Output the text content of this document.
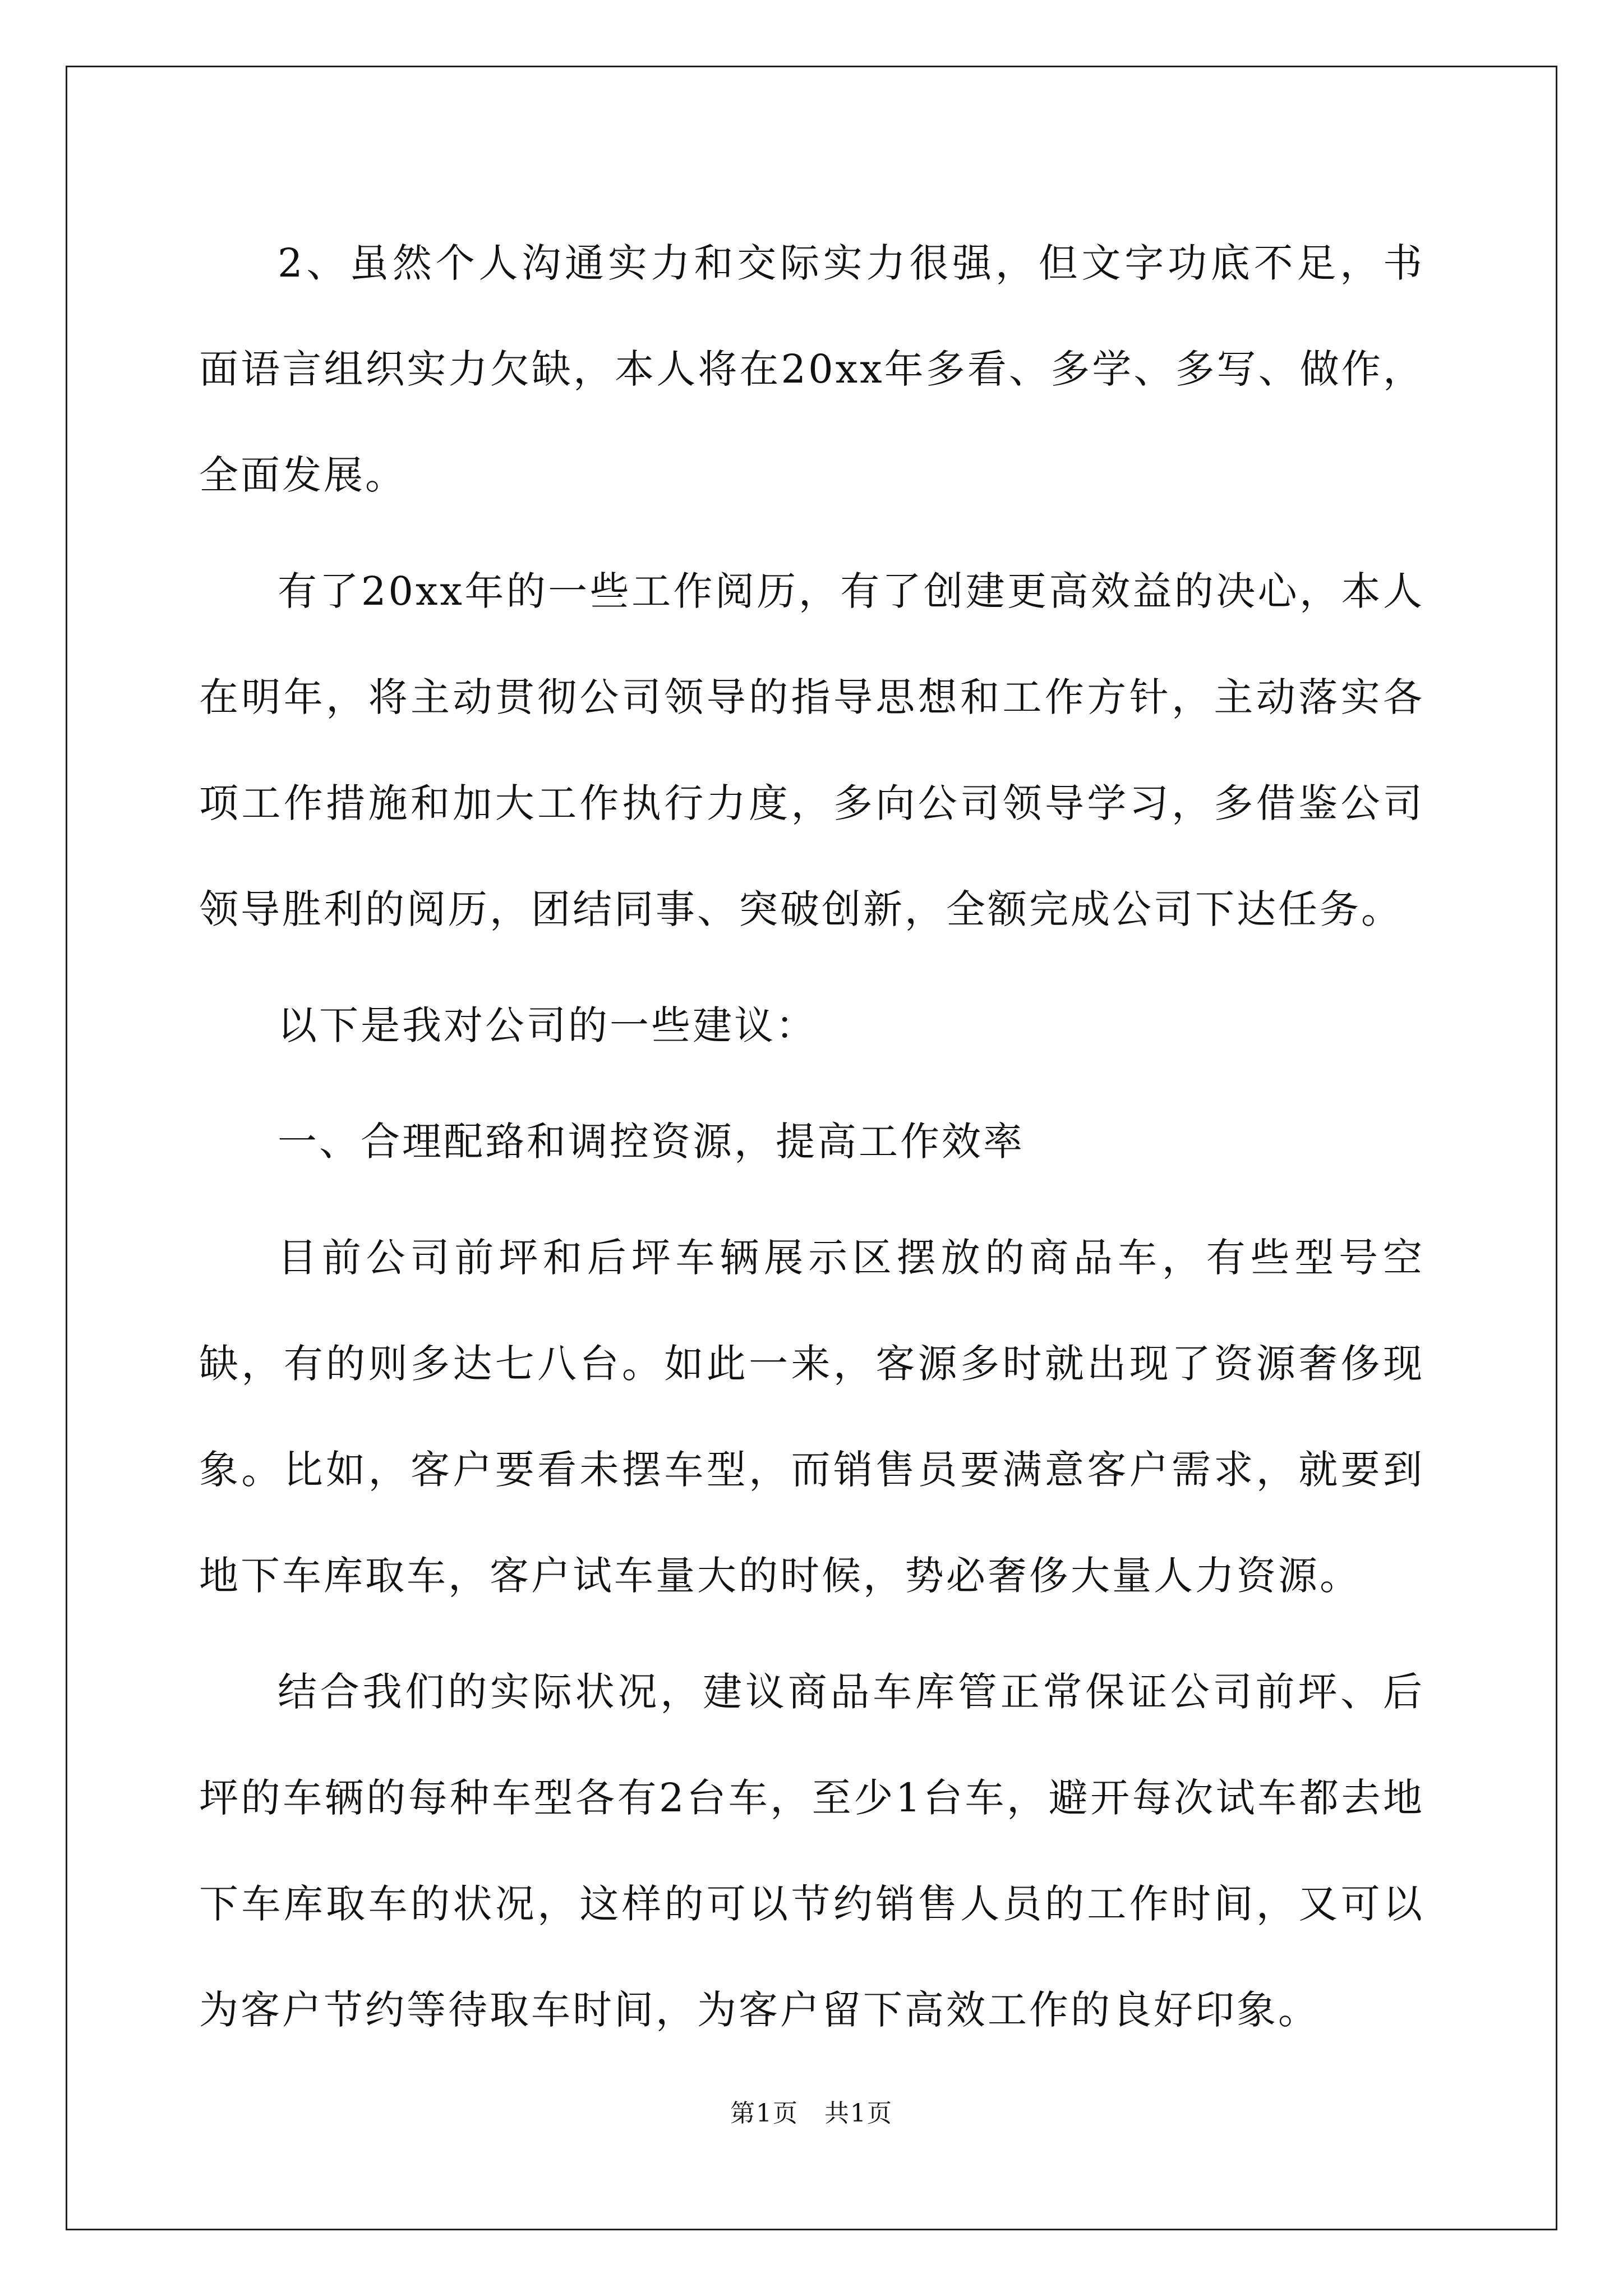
2、虽然个人沟通实力和交际实力很强，但文字功底不足，书面语言组织实力欠缺，本人将在20xx年多看、多学、多写、做作，全面发展。

有了20xx年的一些工作阅历，有了创建更高效益的决心，本人在明年，将主动贯彻公司领导的指导思想和工作方针，主动落实各项工作措施和加大工作执行力度，多向公司领导学习，多借鉴公司领导胜利的阅历，团结同事、突破创新，全额完成公司下达任务。

以下是我对公司的一些建议：

一、合理配臵和调控资源，提高工作效率

目前公司前坪和后坪车辆展示区摆放的商品车，有些型号空缺，有的则多达七八台。如此一来，客源多时就出现了资源奢侈现象。比如，客户要看未摆车型，而销售员要满意客户需求，就要到地下车库取车，客户试车量大的时候，势必奢侈大量人力资源。

结合我们的实际状况，建议商品车库管正常保证公司前坪、后坪的车辆的每种车型各有2台车，至少1台车，避开每次试车都去地下车库取车的状况，这样的可以节约销售人员的工作时间，又可以为客户节约等待取车时间，为客户留下高效工作的良好印象。

第1页　共1页
